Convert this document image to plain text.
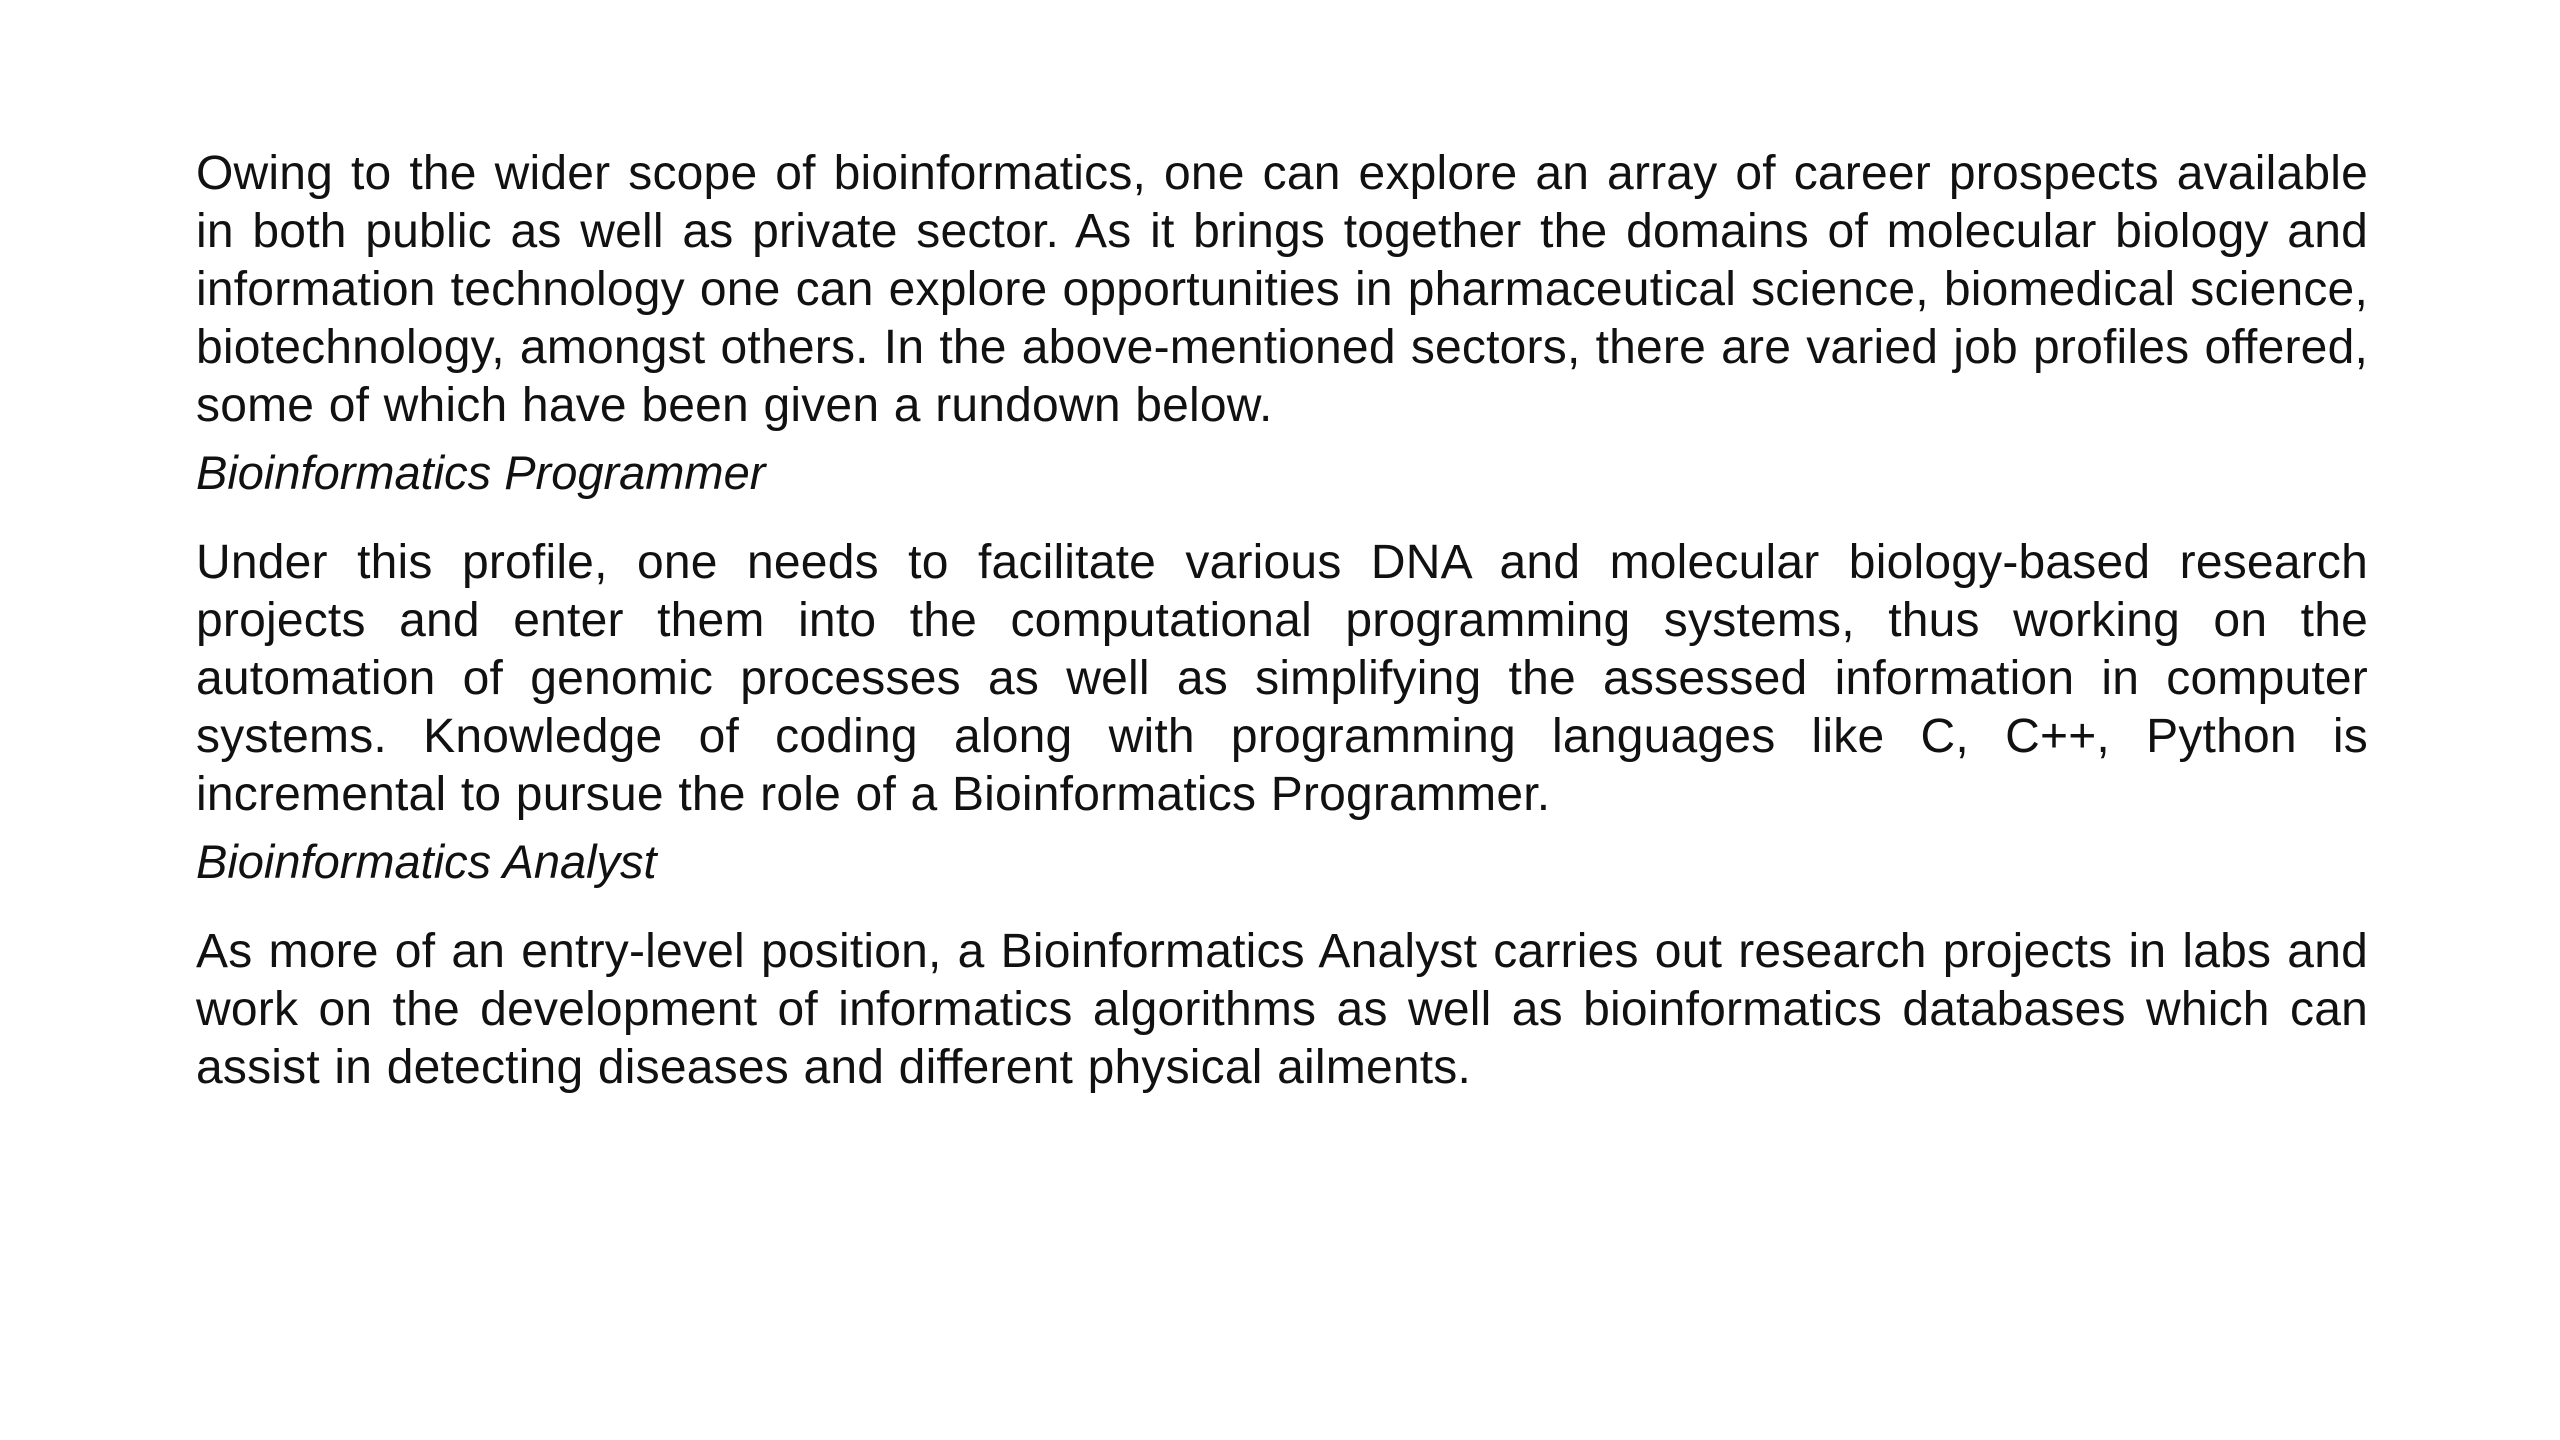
Owing to the wider scope of bioinformatics, one can explore an array of career prospects available in both public as well as private sector. As it brings together the domains of molecular biology and information technology one can explore opportunities in pharmaceutical science, biomedical science, biotechnology, amongst others. In the above-mentioned sectors, there are varied job profiles offered, some of which have been given a rundown below.

Bioinformatics Programmer

Under this profile, one needs to facilitate various DNA and molecular biology-based research projects and enter them into the computational programming systems, thus working on the automation of genomic processes as well as simplifying the assessed information in computer systems. Knowledge of coding along with programming languages like C, C++, Python is incremental to pursue the role of a Bioinformatics Programmer.

Bioinformatics Analyst

As more of an entry-level position, a Bioinformatics Analyst carries out research projects in labs and work on the development of informatics algorithms as well as bioinformatics databases which can assist in detecting diseases and different physical ailments.
